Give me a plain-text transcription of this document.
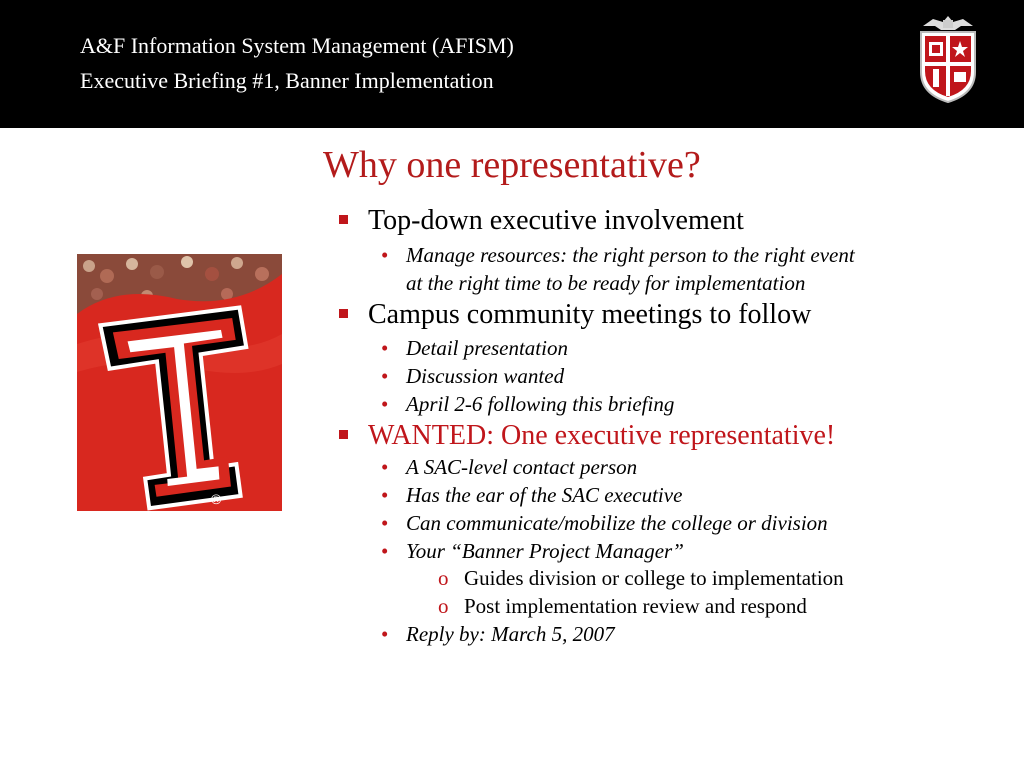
A&F Information System Management (AFISM)
Executive Briefing #1, Banner Implementation
Why one representative?
®
Top-down executive involvement
• Manage resources: the right person to the right event
at the right time to be ready for implementation
Campus community meetings to follow
• Detail presentation
• Discussion wanted
• April 2-6 following this briefing
WANTED: One executive representative!
• A SAC-level contact person
• Has the ear of the SAC executive
• Can communicate/mobilize the college or division
• Your “Banner Project Manager”
o Guides division or college to implementation
o Post implementation review and respond
• Reply by: March 5, 2007
